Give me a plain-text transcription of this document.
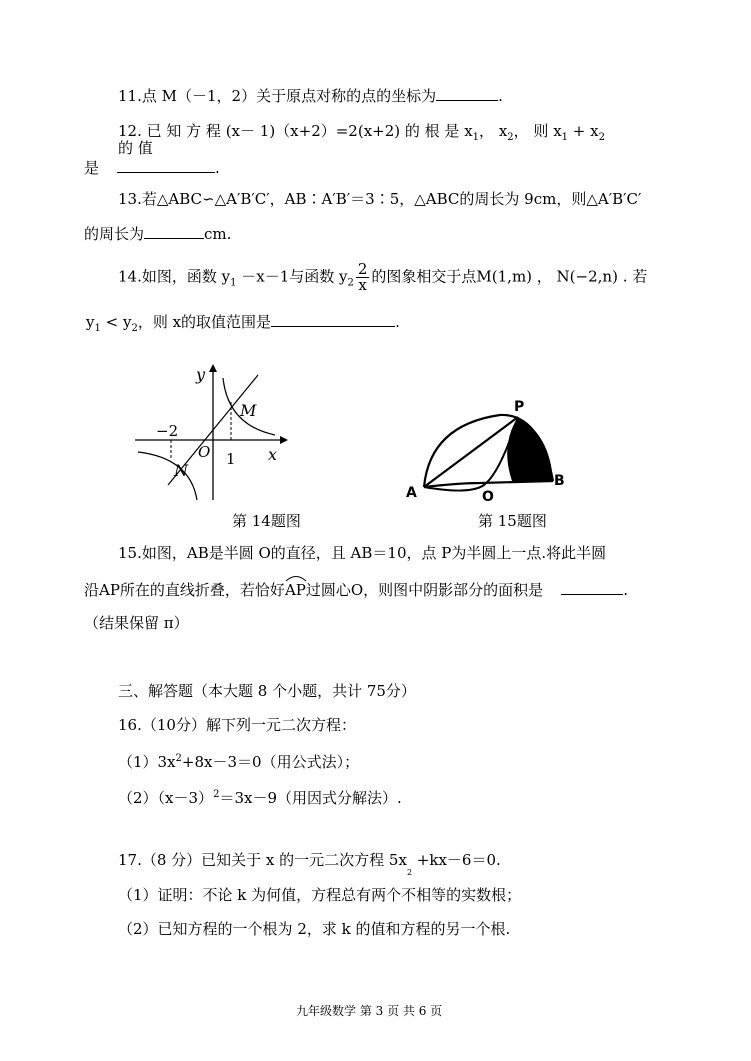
11.点 M（－1，2）关于原点对称的点的坐标为	.
12. 已 知 方 程 (x－ 1)（x+2）=2(x+2) 的 根 是 $x_1$， $x_2$， 则 $x_1 + x_2$
的 值
是	.
13.若△ABC∽△A′B′C′，AB∶A′B′＝3∶5，△ABC的周长为 9cm，则△A′B′C′
的周长为	cm.
14.如图，函数 $y_1 -x-1$与函数 $y_2 \frac{2}{x}$ 的图象相交于点M(1,m) ， N(−2,n) . 若
$y_1 < y_2$，则 x的取值范围是	.
y
x
M
O 1
−2
N
第 14题图
P
A	O
B
第 15题图
15.如图，AB是半圆 O的直径，且 AB＝10，点 P为半圆上一点.将此半圆
沿AP所在的直线折叠，若恰好
AP过圆心O，则图中阴影部分的面积是	.
（结果保留 π）
三、解答题（本大题 8 个小题，共计 75分）
16.（10分）解下列一元二次方程：
$(1)3x^2+8x-3=0$（用公式法）；
$(2)(x-3)^2=3x-9$（用因式分解法）.
17.（8 分）已知关于 x 的一元二次方程 $5x_2 +kx-6=0$.
（1）证明：不论 k 为何值，方程总有两个不相等的实数根；
（2）已知方程的一个根为 2，求 k 的值和方程的另一个根.
九年级数学 第 3 页 共 6 页
